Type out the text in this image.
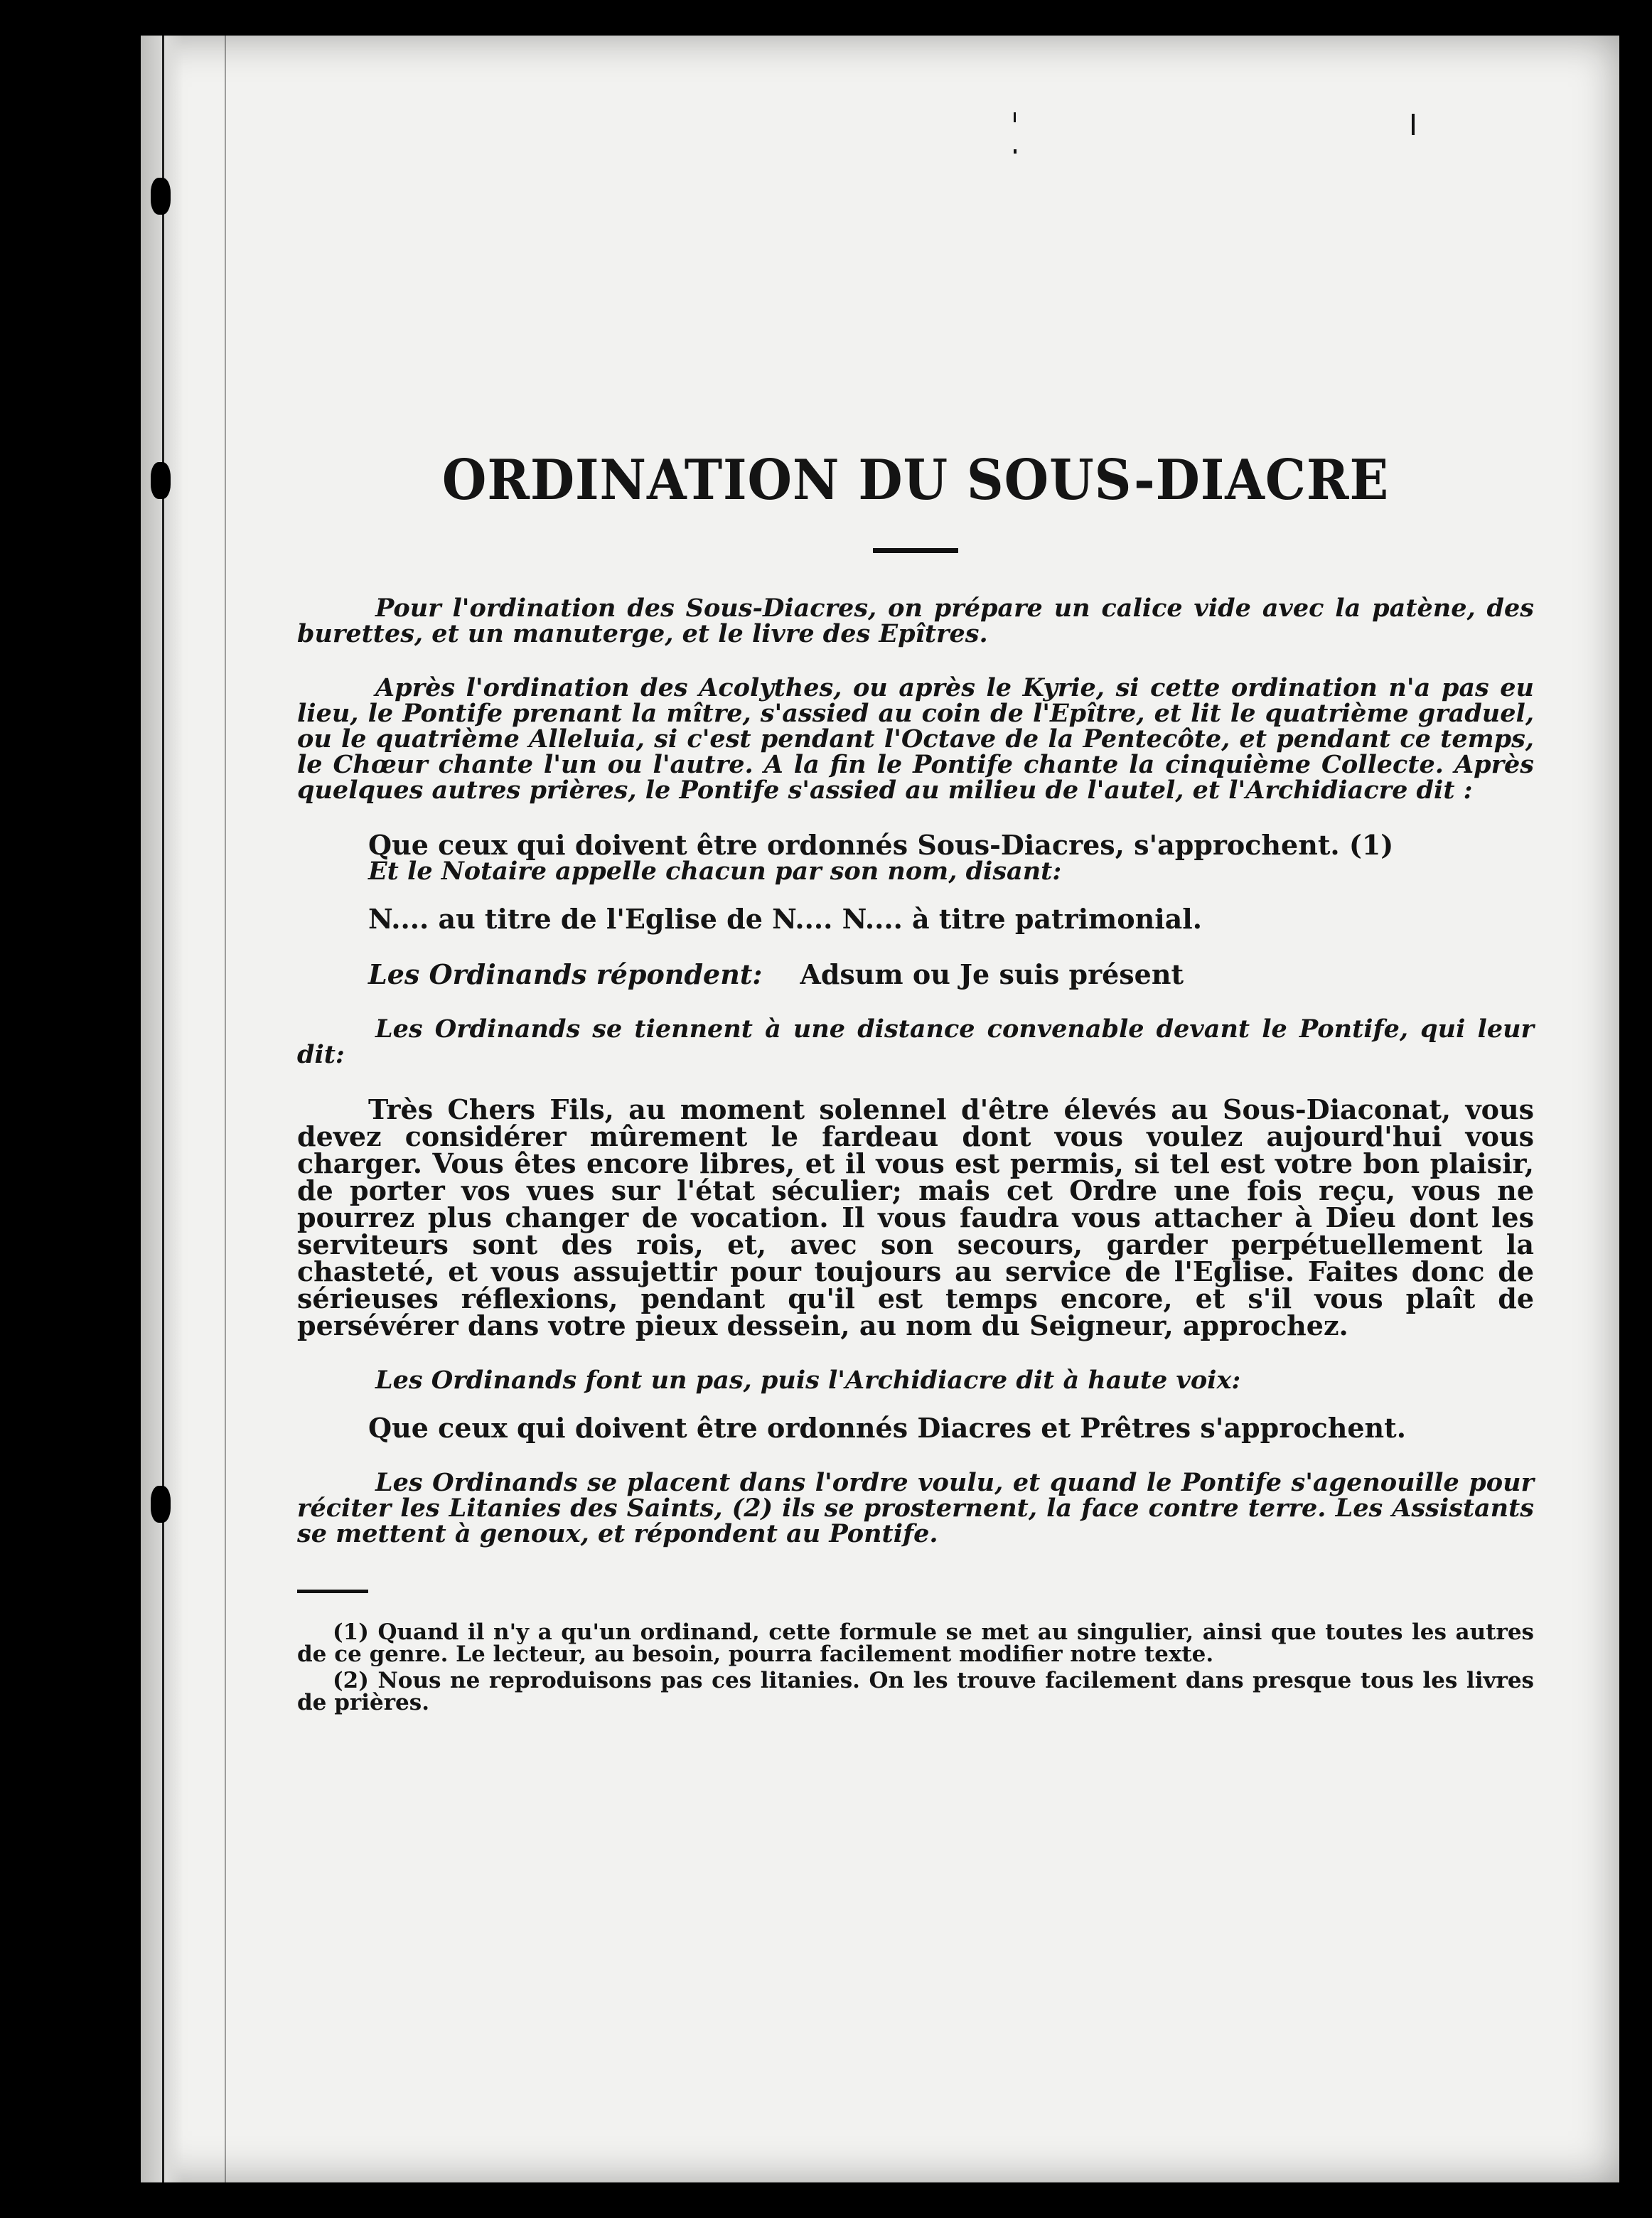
ORDINATION DU SOUS-DIACRE

Pour l'ordination des Sous-Diacres, on prépare un calice vide avec la patène, des burettes, et un manuterge, et le livre des Epîtres.

Après l'ordination des Acolythes, ou après le Kyrie, si cette ordination n'a pas eu lieu, le Pontife prenant la mître, s'assied au coin de l'Epître, et lit le quatrième graduel, ou le quatrième Alleluia, si c'est pendant l'Octave de la Pentecôte, et pendant ce temps, le Chœur chante l'un ou l'autre. A la fin le Pontife chante la cinquième Collecte. Après quelques autres prières, le Pontife s'assied au milieu de l'autel, et l'Archidiacre dit :

Que ceux qui doivent être ordonnés Sous-Diacres, s'approchent. (1)

Et le Notaire appelle chacun par son nom, disant:

N.... au titre de l'Eglise de N.... N.... à titre patrimonial.

Les Ordinands répondent: Adsum ou Je suis présent

Les Ordinands se tiennent à une distance convenable devant le Pontife, qui leur dit:

Très Chers Fils, au moment solennel d'être élevés au Sous-Diaconat, vous devez considérer mûrement le fardeau dont vous voulez aujourd'hui vous charger. Vous êtes encore libres, et il vous est permis, si tel est votre bon plaisir, de porter vos vues sur l'état séculier; mais cet Ordre une fois reçu, vous ne pourrez plus changer de vocation. Il vous faudra vous attacher à Dieu dont les serviteurs sont des rois, et, avec son secours, garder perpétuellement la chasteté, et vous assujettir pour toujours au service de l'Eglise. Faites donc de sérieuses réflexions, pendant qu'il est temps encore, et s'il vous plaît de persévérer dans votre pieux dessein, au nom du Seigneur, approchez.

Les Ordinands font un pas, puis l'Archidiacre dit à haute voix:

Que ceux qui doivent être ordonnés Diacres et Prêtres s'approchent.

Les Ordinands se placent dans l'ordre voulu, et quand le Pontife s'agenouille pour réciter les Litanies des Saints, (2) ils se prosternent, la face contre terre. Les Assistants se mettent à genoux, et répondent au Pontife.

(1) Quand il n'y a qu'un ordinand, cette formule se met au singulier, ainsi que toutes les autres de ce genre. Le lecteur, au besoin, pourra facilement modifier notre texte.

(2) Nous ne reproduisons pas ces litanies. On les trouve facilement dans presque tous les livres de prières.
